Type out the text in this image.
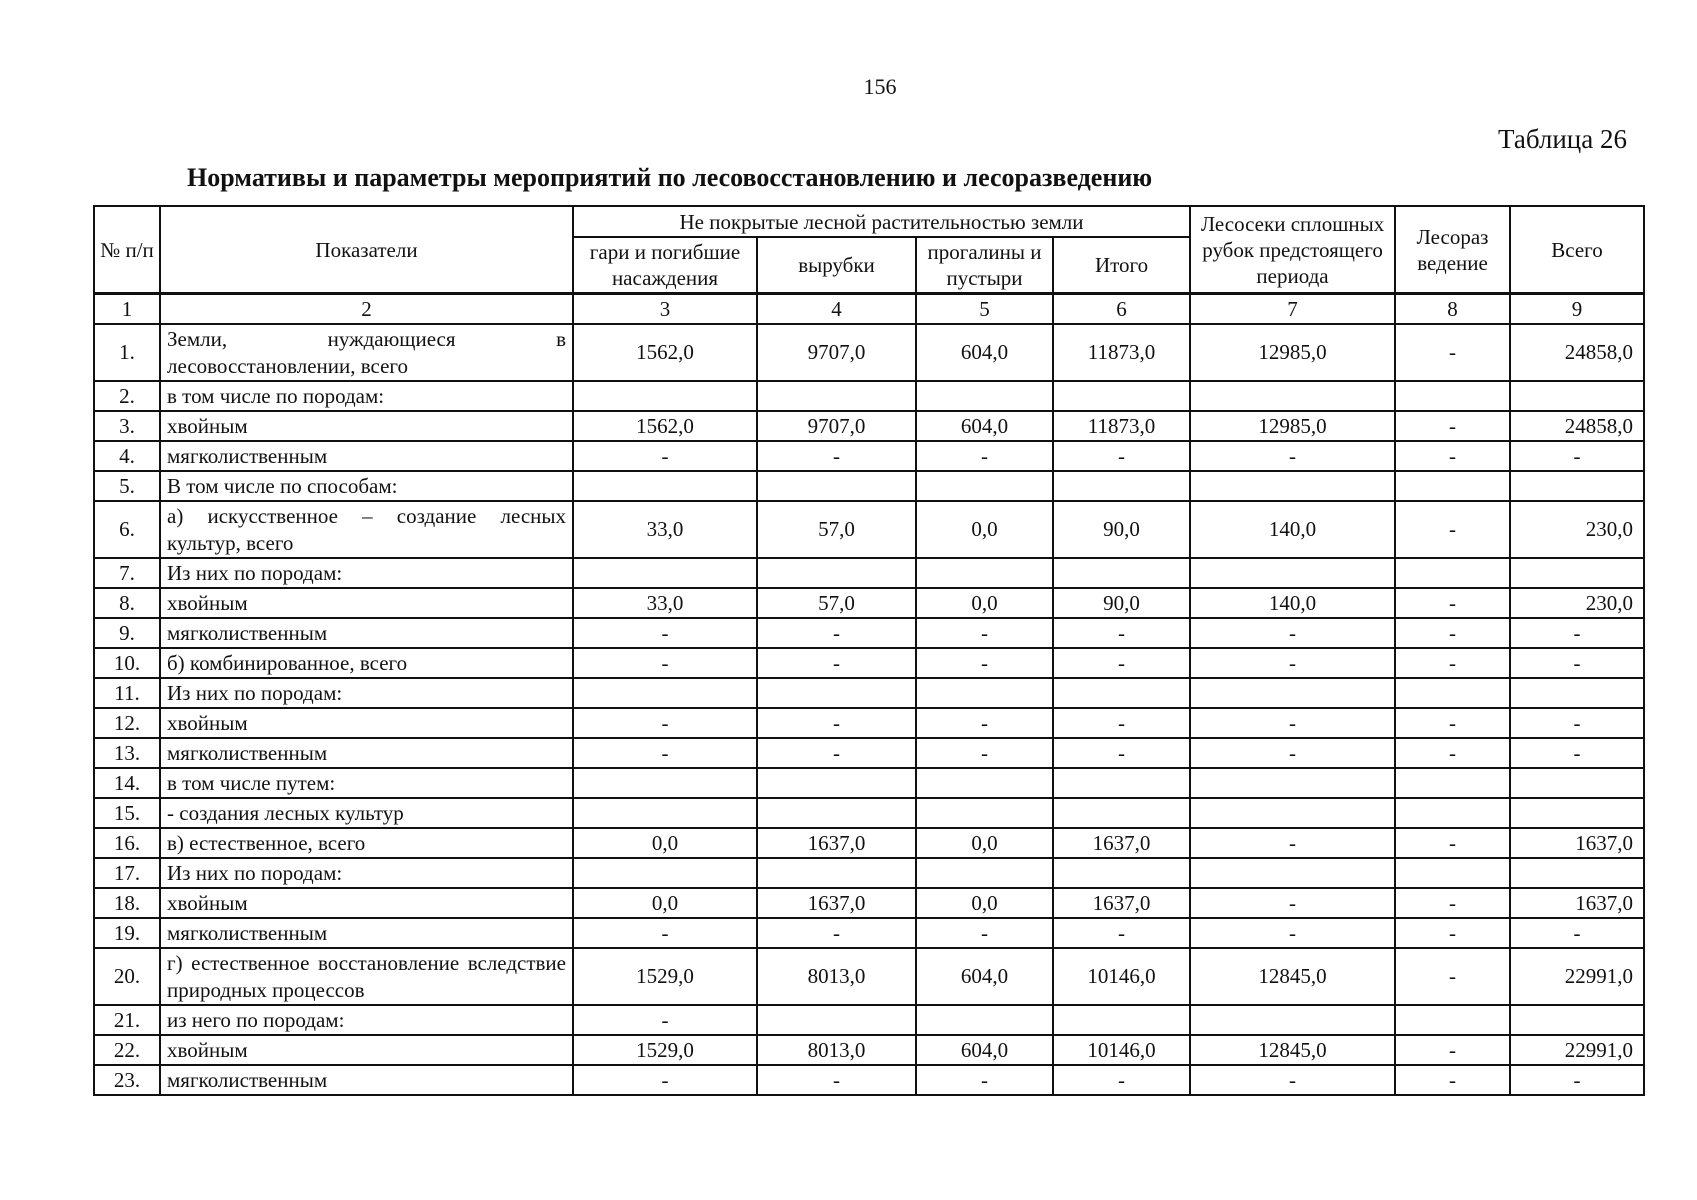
156
Таблица 26
Нормативы и параметры мероприятий по лесовосстановлению и лесоразведению
№ п/п	Показатели	Не покрытые лесной растительностью земли				Лесосеки сплошных рубок предстоящего периода	Лесораз ведение	Всего
		гари и погибшие насаждения	вырубки	прогалины и пустыри	Итого			
1	2	3	4	5	6	7	8	9
1.	Земли, нуждающиеся в лесовосстановлении, всего	1562,0	9707,0	604,0	11873,0	12985,0	-	24858,0
2.	в том числе по породам:							
3.	хвойным	1562,0	9707,0	604,0	11873,0	12985,0	-	24858,0
4.	мягколиственным	-	-	-	-	-	-	-
5.	В том числе по способам:							
6.	а) искусственное – создание лесных культур, всего	33,0	57,0	0,0	90,0	140,0	-	230,0
7.	Из них по породам:							
8.	хвойным	33,0	57,0	0,0	90,0	140,0	-	230,0
9.	мягколиственным	-	-	-	-	-	-	-
10.	б) комбинированное, всего	-	-	-	-	-	-	-
11.	Из них по породам:							
12.	хвойным	-	-	-	-	-	-	-
13.	мягколиственным	-	-	-	-	-	-	-
14.	в том числе путем:							
15.	- создания лесных культур							
16.	в) естественное, всего	0,0	1637,0	0,0	1637,0	-	-	1637,0
17.	Из них по породам:							
18.	хвойным	0,0	1637,0	0,0	1637,0	-	-	1637,0
19.	мягколиственным	-	-	-	-	-	-	-
20.	г) естественное восстановление вследствие природных процессов	1529,0	8013,0	604,0	10146,0	12845,0	-	22991,0
21.	из него по породам:	-						
22.	хвойным	1529,0	8013,0	604,0	10146,0	12845,0	-	22991,0
23.	мягколиственным	-	-	-	-	-	-	-
